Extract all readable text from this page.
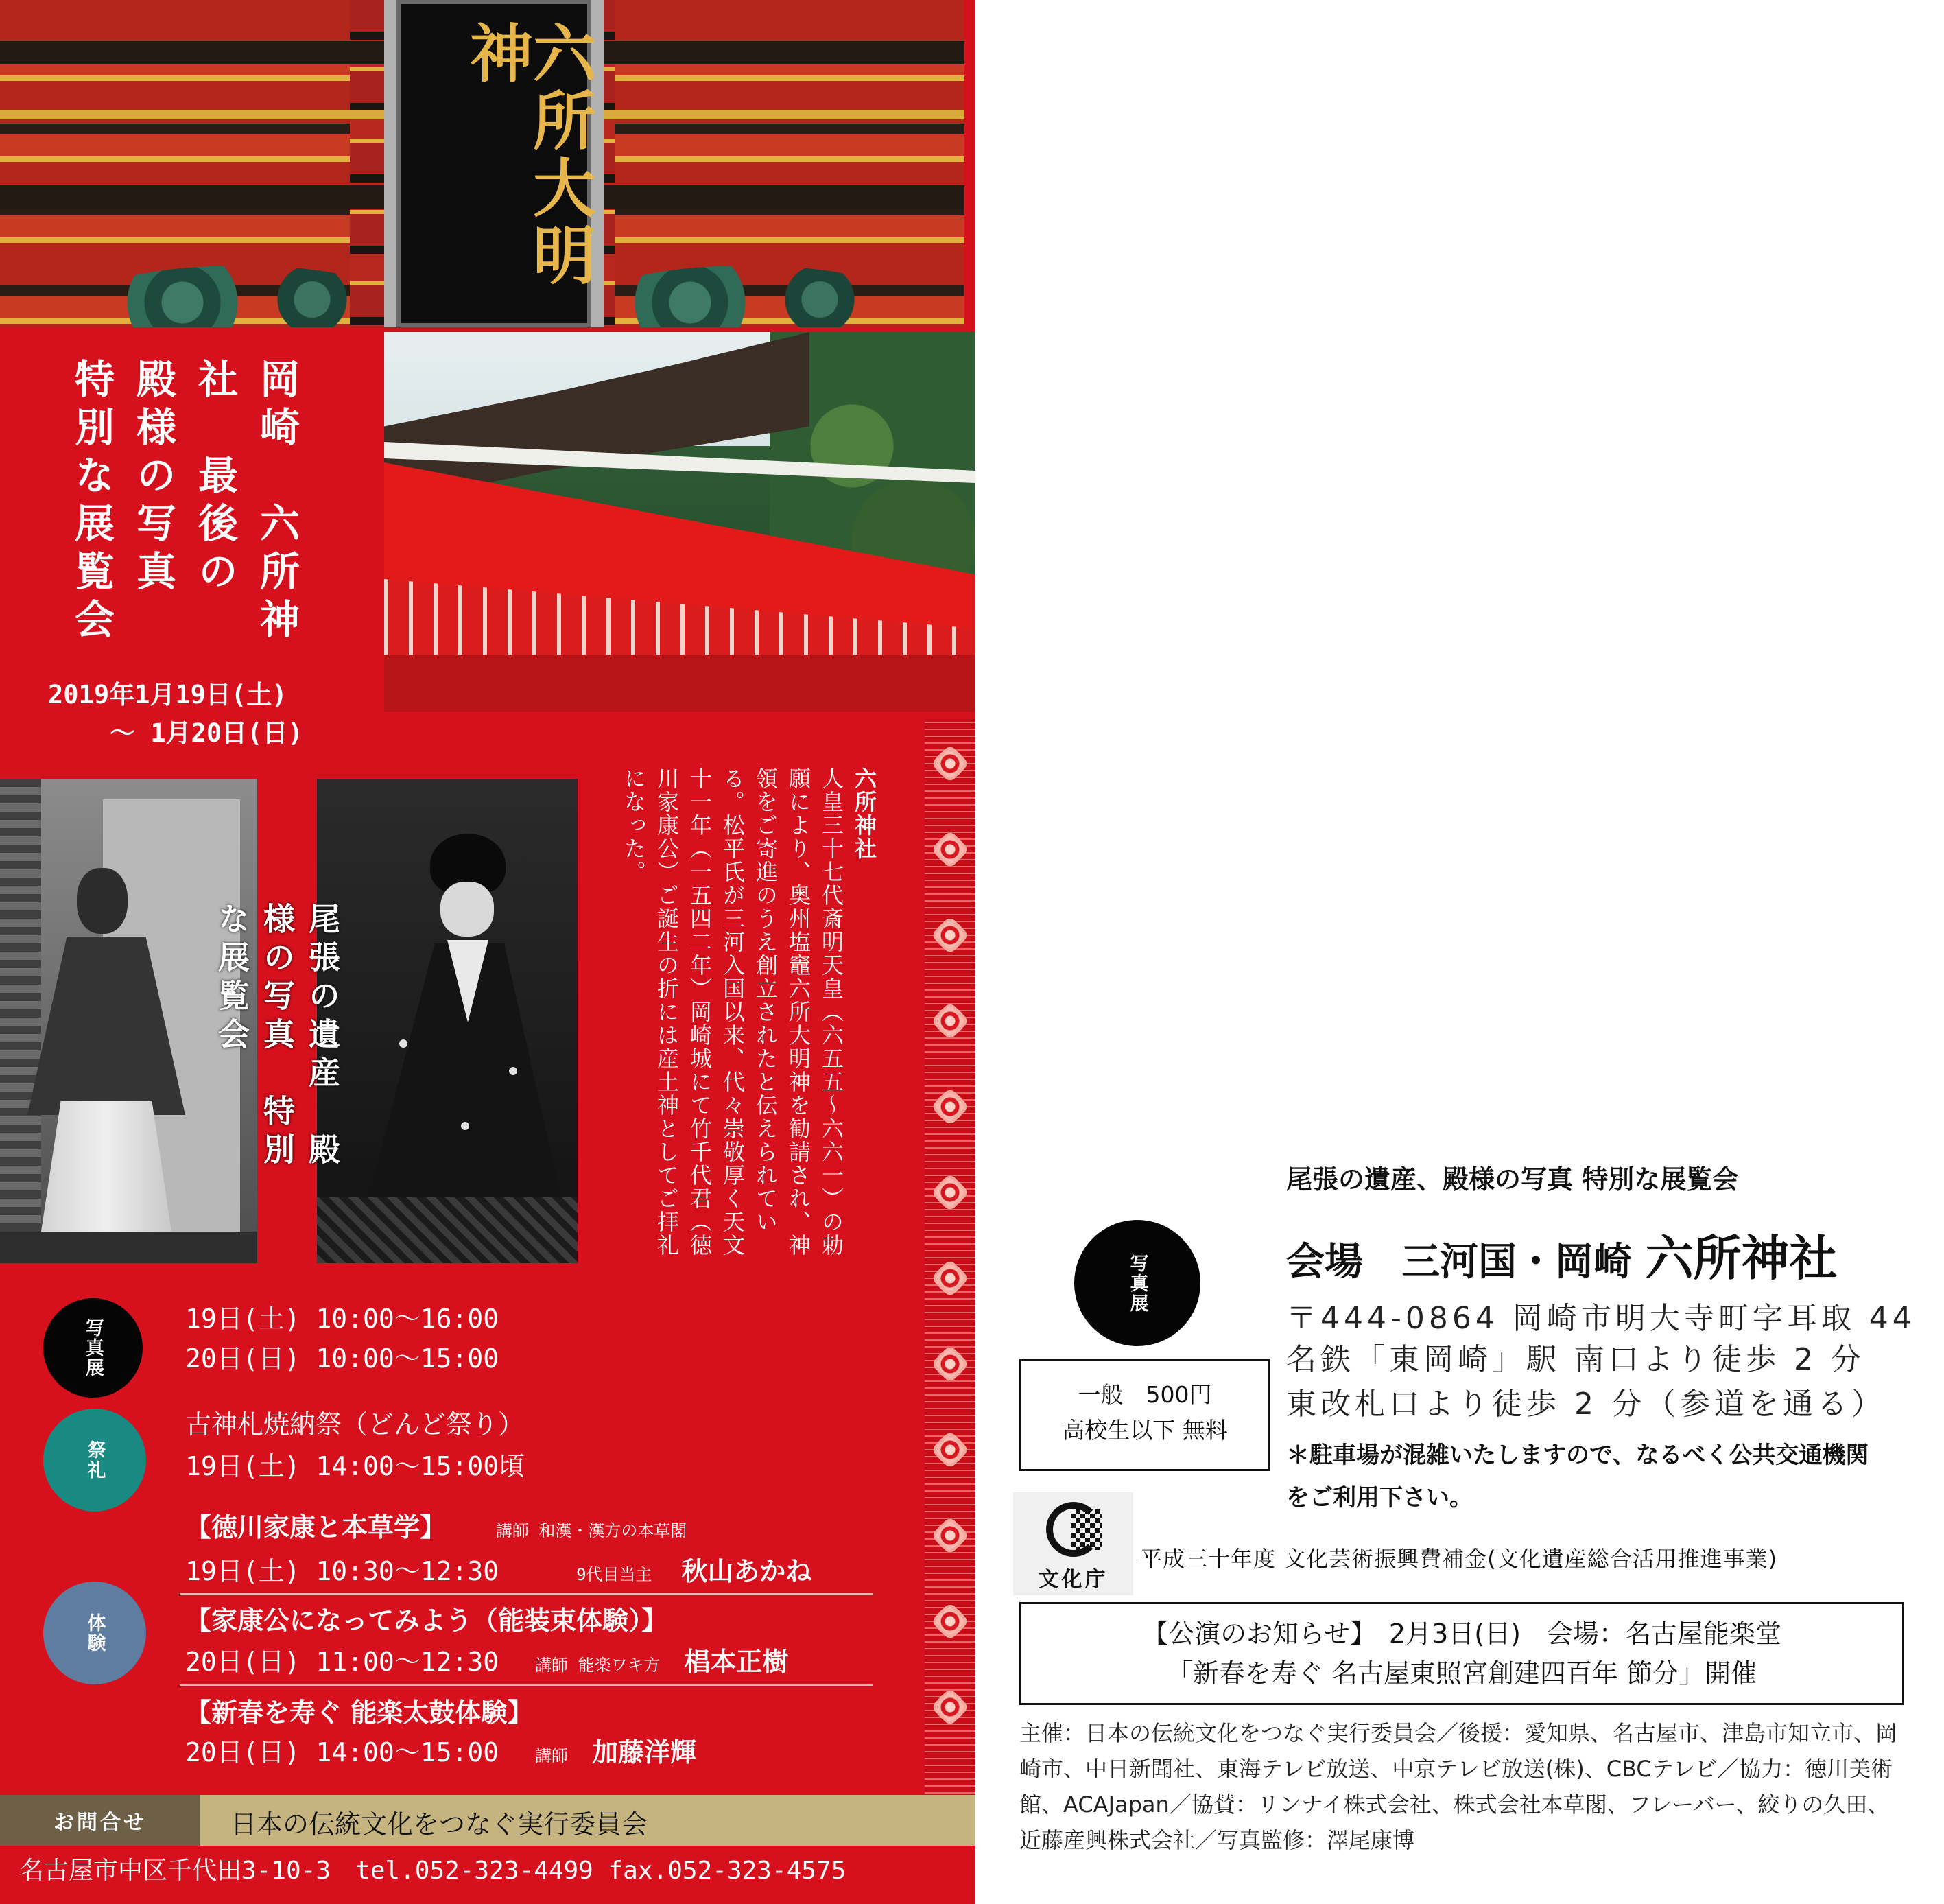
六所大明神
岡崎　六所神社　最後の　殿様の写真　特別な展覧会
2019年1月19日(土)
～ 1月20日(日)
尾張の遺産　殿様の写真　特別な展覧会
六所神社
人皇三十七代斎明天皇（六五五～六六一）の勅願により、奥州塩竈六所大明神を勧請され、神領をご寄進のうえ創立されたと伝えられている。松平氏が三河入国以来、代々崇敬厚く天文十一年（一五四二年）岡崎城にて竹千代君（徳川家康公）ご誕生の折には産土神としてご拝礼になった。
写真展	19日(土) 10:00～16:00
20日(日) 10:00～15:00
祭礼
古神札焼納祭（どんど祭り）
19日(土) 14:00～15:00頃
体験
【徳川家康と本草学】	講師 和漢・漢方の本草閣
19日(土) 10:30～12:30	9代目当主 秋山あかね
【家康公になってみよう（能装束体験）】
20日(日) 11:00～12:30 講師 能楽ワキ方 椙本正樹
【新春を寿ぐ 能楽太鼓体験】
20日(日) 14:00～15:00 講師 加藤洋輝
お問合せ	日本の伝統文化をつなぐ実行委員会
名古屋市中区千代田3-10-3　tel.052-323-4499 fax.052-323-4575
尾張の遺産、殿様の写真 特別な展覧会
写真展	会場　三河国・岡崎 六所神社
〒444-0864 岡崎市明大寺町字耳取 44
名鉄「東岡崎」駅 南口より徒歩 2 分
東改札口より徒歩 2 分（参道を通る）
＊駐車場が混雑いたしますので、なるべく公共交通機関をご利用下さい。
一般　500円
高校生以下 無料
文化庁
平成三十年度 文化芸術振興費補金(文化遺産総合活用推進事業)
【公演のお知らせ】　2月3日(日)　会場：名古屋能楽堂
「新春を寿ぐ 名古屋東照宮創建四百年 節分」開催
主催：日本の伝統文化をつなぐ実行委員会／後援：愛知県、名古屋市、津島市知立市、岡崎市、中日新聞社、東海テレビ放送、中京テレビ放送(株)、CBCテレビ／協力：徳川美術館、ACAJapan／協賛：リンナイ株式会社、株式会社本草閣、フレーバー、絞りの久田、近藤産興株式会社／写真監修：澤尾康博
